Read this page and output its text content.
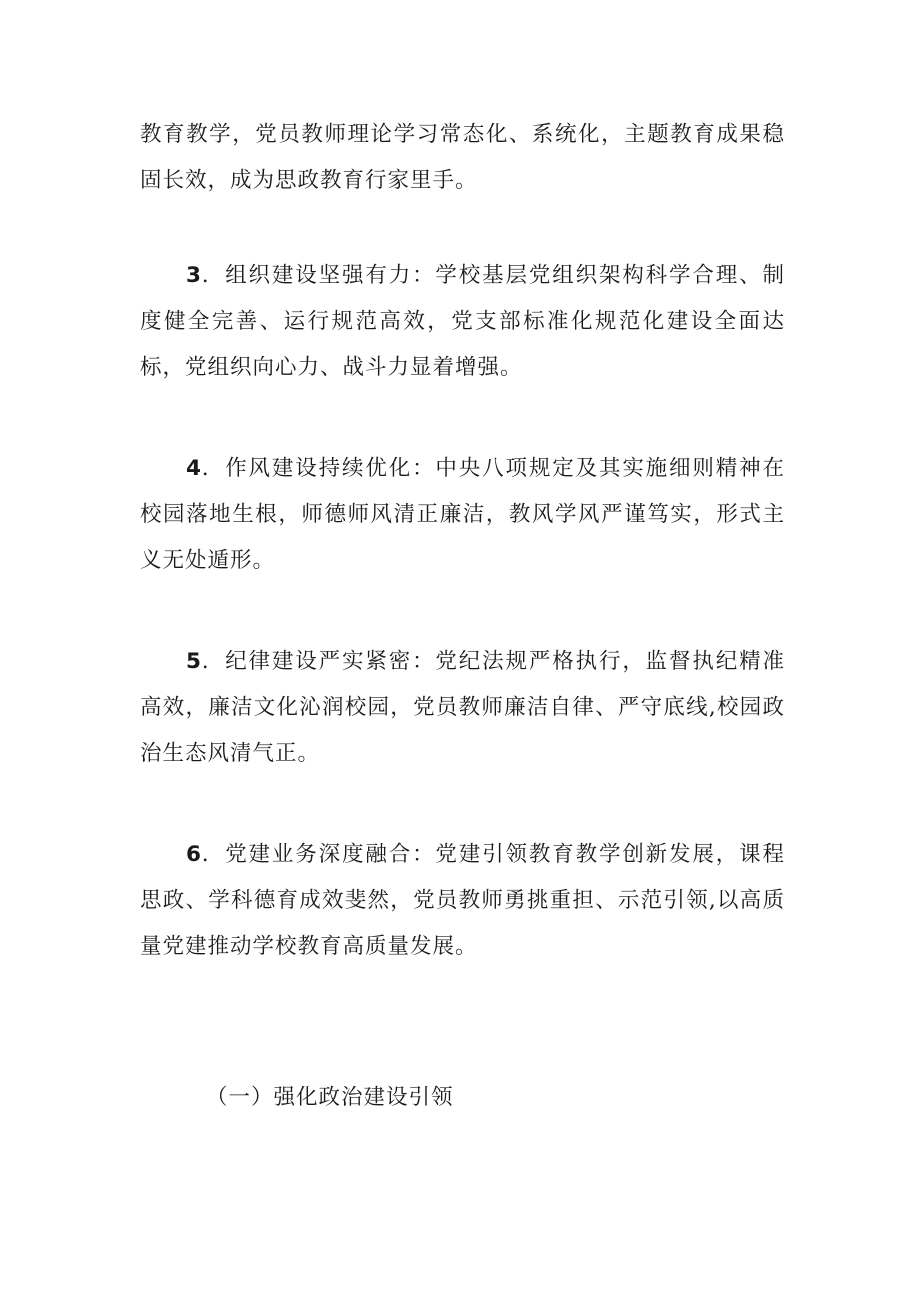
教育教学，党员教师理论学习常态化、系统化，主题教育成果稳固长效，成为思政教育行家里手。

3．组织建设坚强有力：学校基层党组织架构科学合理、制度健全完善、运行规范高效，党支部标准化规范化建设全面达标，党组织向心力、战斗力显着增强。

4．作风建设持续优化：中央八项规定及其实施细则精神在校园落地生根，师德师风清正廉洁，教风学风严谨笃实，形式主义无处遁形。

5．纪律建设严实紧密：党纪法规严格执行，监督执纪精准高效，廉洁文化沁润校园，党员教师廉洁自律、严守底线,校园政治生态风清气正。

6．党建业务深度融合：党建引领教育教学创新发展，课程思政、学科德育成效斐然，党员教师勇挑重担、示范引领,以高质量党建推动学校教育高质量发展。

（一）强化政治建设引领
